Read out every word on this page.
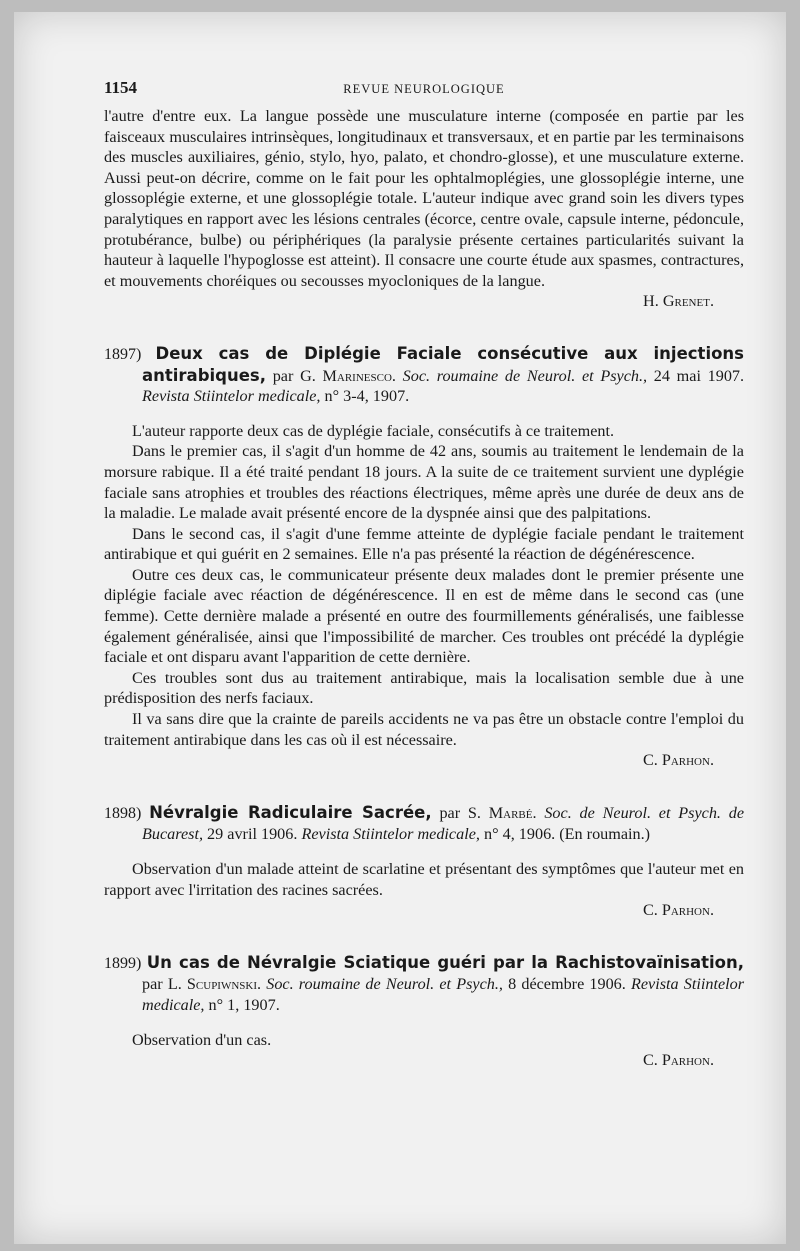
1154	REVUE NEUROLOGIQUE

l'autre d'entre eux. La langue possède une musculature interne (composée en partie par les faisceaux musculaires intrinsèques, longitudinaux et transversaux, et en partie par les terminaisons des muscles auxiliaires, génio, stylo, hyo, palato, et chondro-glosse), et une musculature externe. Aussi peut-on décrire, comme on le fait pour les ophtalmoplégies, une glossoplégie interne, une glossoplégie externe, et une glossoplégie totale. L'auteur indique avec grand soin les divers types paralytiques en rapport avec les lésions centrales (écorce, centre ovale, capsule interne, pédoncule, protubérance, bulbe) ou périphériques (la paralysie présente certaines particularités suivant la hauteur à laquelle l'hypoglosse est atteint). Il consacre une courte étude aux spasmes, contractures, et mouvements choréiques ou secousses myocloniques de la langue.

H. Grenet.

1897) Deux cas de Diplégie Faciale consécutive aux injections antirabiques, par G. Marinesco. Soc. roumaine de Neurol. et Psych., 24 mai 1907. Revista Stiintelor medicale, n° 3-4, 1907.

L'auteur rapporte deux cas de dyplégie faciale, consécutifs à ce traitement.

Dans le premier cas, il s'agit d'un homme de 42 ans, soumis au traitement le lendemain de la morsure rabique. Il a été traité pendant 18 jours. A la suite de ce traitement survient une dyplégie faciale sans atrophies et troubles des réactions électriques, même après une durée de deux ans de la maladie. Le malade avait présenté encore de la dyspnée ainsi que des palpitations.

Dans le second cas, il s'agit d'une femme atteinte de dyplégie faciale pendant le traitement antirabique et qui guérit en 2 semaines. Elle n'a pas présenté la réaction de dégénérescence.

Outre ces deux cas, le communicateur présente deux malades dont le premier présente une diplégie faciale avec réaction de dégénérescence. Il en est de même dans le second cas (une femme). Cette dernière malade a présenté en outre des fourmillements généralisés, une faiblesse également généralisée, ainsi que l'impossibilité de marcher. Ces troubles ont précédé la dyplégie faciale et ont disparu avant l'apparition de cette dernière.

Ces troubles sont dus au traitement antirabique, mais la localisation semble due à une prédisposition des nerfs faciaux.

Il va sans dire que la crainte de pareils accidents ne va pas être un obstacle contre l'emploi du traitement antirabique dans les cas où il est nécessaire.

C. Parhon.

1898) Névralgie Radiculaire Sacrée, par S. Marbé. Soc. de Neurol. et Psych. de Bucarest, 29 avril 1906. Revista Stiintelor medicale, n° 4, 1906. (En roumain.)

Observation d'un malade atteint de scarlatine et présentant des symptômes que l'auteur met en rapport avec l'irritation des racines sacrées.

C. Parhon.

1899) Un cas de Névralgie Sciatique guéri par la Rachistovaïnisation, par L. Scupiwnski. Soc. roumaine de Neurol. et Psych., 8 décembre 1906. Revista Stiintelor medicale, n° 1, 1907.

Observation d'un cas.

C. Parhon.
